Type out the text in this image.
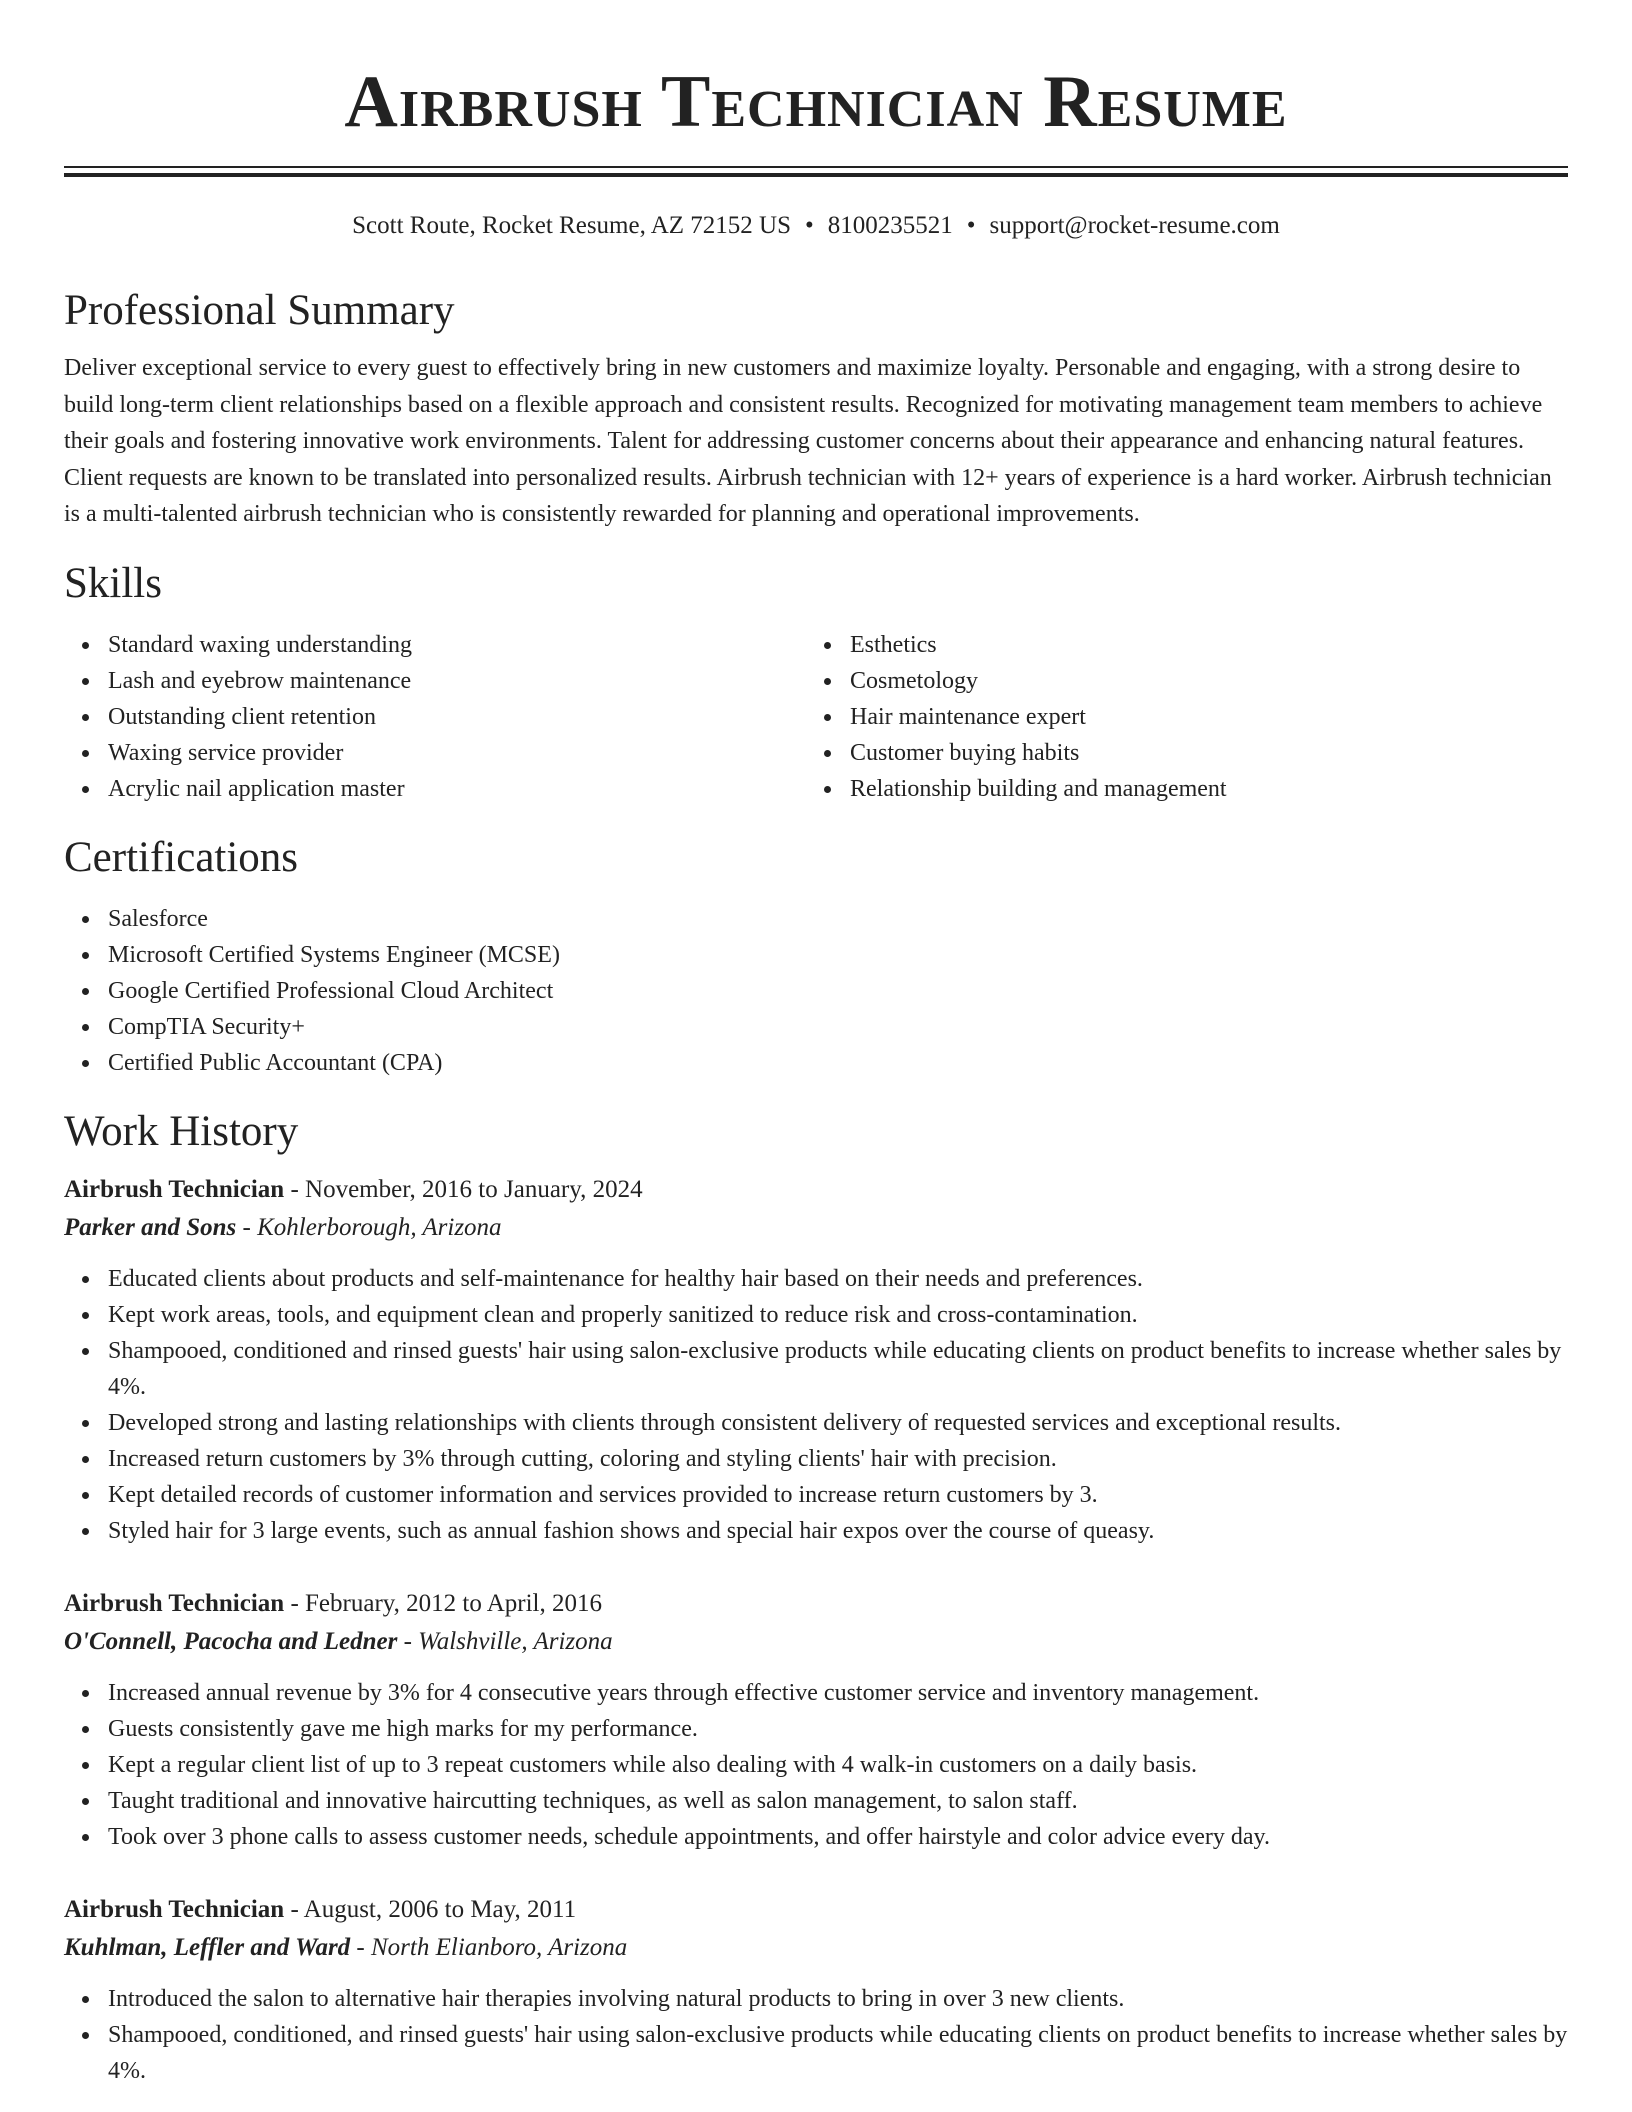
Airbrush Technician Resume
Scott Route, Rocket Resume, AZ 72152 US • 8100235521 • support@rocket-resume.com
Professional Summary

Deliver exceptional service to every guest to effectively bring in new customers and maximize loyalty. Personable and engaging, with a strong desire to build long-term client relationships based on a flexible approach and consistent results. Recognized for motivating management team members to achieve their goals and fostering innovative work environments. Talent for addressing customer concerns about their appearance and enhancing natural features. Client requests are known to be translated into personalized results. Airbrush technician with 12+ years of experience is a hard worker. Airbrush technician is a multi-talented airbrush technician who is consistently rewarded for planning and operational improvements.

Skills
Standard waxing understanding
Lash and eyebrow maintenance
Outstanding client retention
Waxing service provider
Acrylic nail application master
Esthetics
Cosmetology
Hair maintenance expert
Customer buying habits
Relationship building and management
Certifications
Salesforce
Microsoft Certified Systems Engineer (MCSE)
Google Certified Professional Cloud Architect
CompTIA Security+
Certified Public Accountant (CPA)
Work History
Airbrush Technician - November, 2016 to January, 2024
Parker and Sons - Kohlerborough, Arizona
Educated clients about products and self-maintenance for healthy hair based on their needs and preferences.
Kept work areas, tools, and equipment clean and properly sanitized to reduce risk and cross-contamination.
Shampooed, conditioned and rinsed guests' hair using salon-exclusive products while educating clients on product benefits to increase whether sales by 4%.
Developed strong and lasting relationships with clients through consistent delivery of requested services and exceptional results.
Increased return customers by 3% through cutting, coloring and styling clients' hair with precision.
Kept detailed records of customer information and services provided to increase return customers by 3.
Styled hair for 3 large events, such as annual fashion shows and special hair expos over the course of queasy.
Airbrush Technician - February, 2012 to April, 2016
O'Connell, Pacocha and Ledner - Walshville, Arizona
Increased annual revenue by 3% for 4 consecutive years through effective customer service and inventory management.
Guests consistently gave me high marks for my performance.
Kept a regular client list of up to 3 repeat customers while also dealing with 4 walk-in customers on a daily basis.
Taught traditional and innovative haircutting techniques, as well as salon management, to salon staff.
Took over 3 phone calls to assess customer needs, schedule appointments, and offer hairstyle and color advice every day.
Airbrush Technician - August, 2006 to May, 2011
Kuhlman, Leffler and Ward - North Elianboro, Arizona
Introduced the salon to alternative hair therapies involving natural products to bring in over 3 new clients.
Shampooed, conditioned, and rinsed guests' hair using salon-exclusive products while educating clients on product benefits to increase whether sales by 4%.
